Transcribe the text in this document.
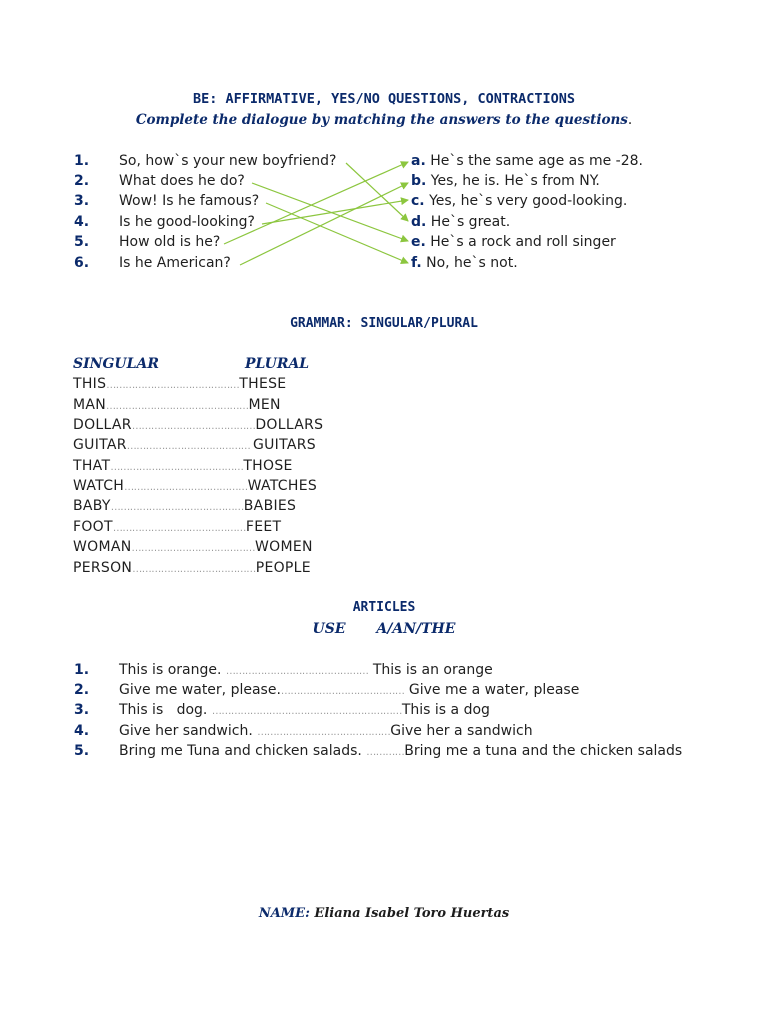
BE: AFFIRMATIVE, YES/NO QUESTIONS, CONTRACTIONS
Complete the dialogue by matching the answers to the questions.
1. So, how`s your new boyfriend?
2. What does he do?
3. Wow! Is he famous?
4. Is he good-looking?
5. How old is he?
6. Is he American?
a. He`s the same age as me -28.
b. Yes, he is. He`s from NY.
c. Yes, he`s very good-looking.
d. He`s great.
e. He`s a rock and roll singer
f. No, he`s not.
GRAMMAR: SINGULAR/PLURAL
SINGULAR	PLURAL
THIS……………………………………THESE
MAN………………………………………MEN
DOLLAR…………………………………DOLLARS
GUITAR………………………………… GUITARS
THAT……………………………………THOSE
WATCH…………………………………WATCHES
BABY……………………………………BABIES
FOOT……………………………………FEET
WOMAN…………………………………WOMEN
PERSON…………………………………PEOPLE
ARTICLES
USE A/AN/THE
1. This is orange. ……………………………………… This is an orange
2. Give me water, please.………………………………… Give me a water, please
3. This is   dog. ……………………………………………………This is a dog
4. Give her sandwich. ……………………………………Give her a sandwich
5. Bring me Tuna and chicken salads. …………Bring me a tuna and the chicken salads
NAME: Eliana Isabel Toro Huertas
